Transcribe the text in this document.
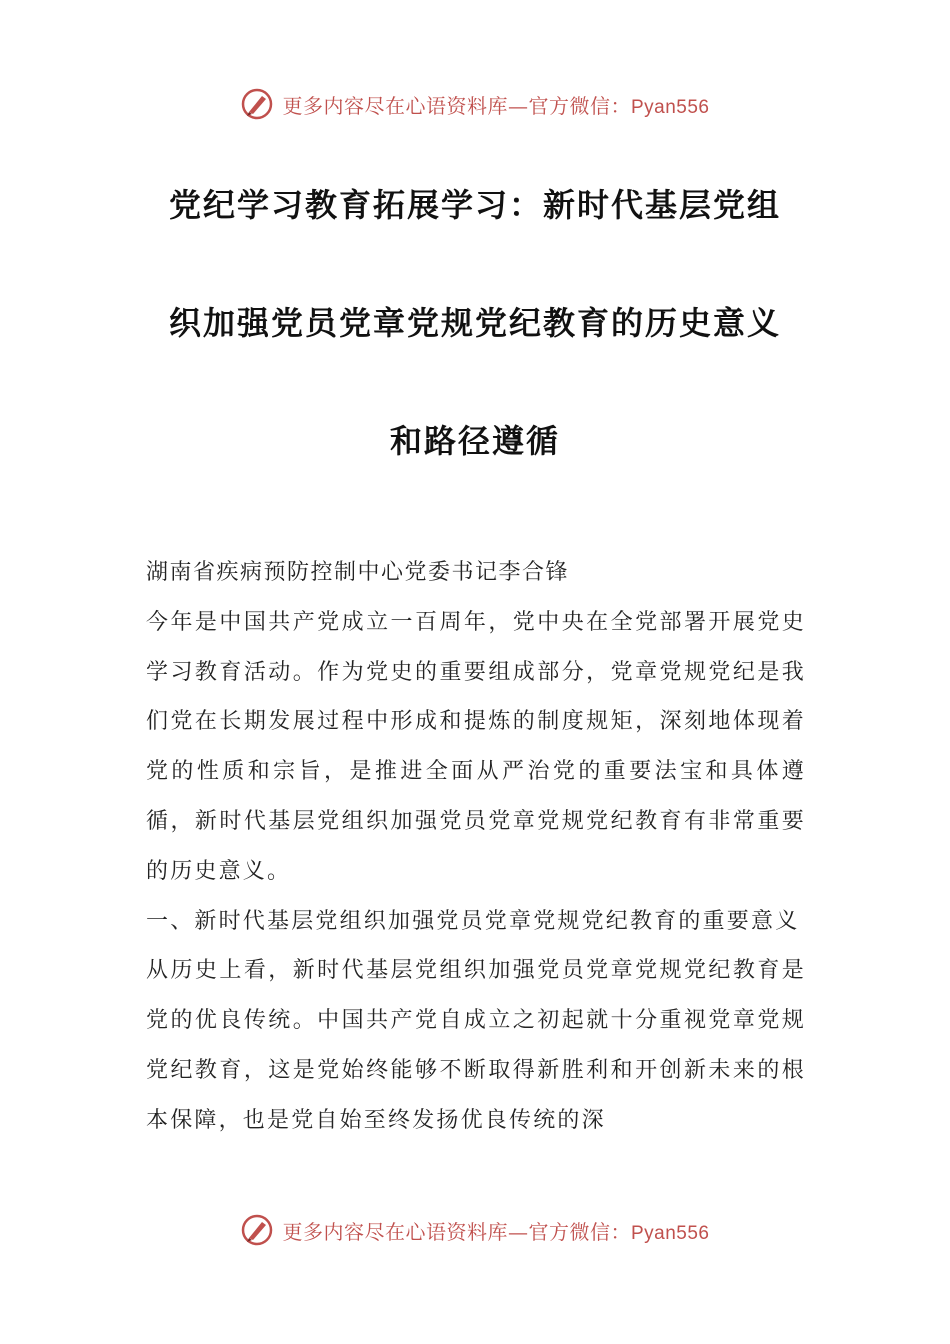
更多内容尽在心语资料库—官方微信：Pyan556
党纪学习教育拓展学习：新时代基层党组
织加强党员党章党规党纪教育的历史意义
和路径遵循

湖南省疾病预防控制中心党委书记李合锋

今年是中国共产党成立一百周年，党中央在全党部署开展党史学习教育活动。作为党史的重要组成部分，党章党规党纪是我们党在长期发展过程中形成和提炼的制度规矩，深刻地体现着党的性质和宗旨，是推进全面从严治党的重要法宝和具体遵循，新时代基层党组织加强党员党章党规党纪教育有非常重要的历史意义。

一、新时代基层党组织加强党员党章党规党纪教育的重要意义

从历史上看，新时代基层党组织加强党员党章党规党纪教育是党的优良传统。中国共产党自成立之初起就十分重视党章党规党纪教育，这是党始终能够不断取得新胜利和开创新未来的根本保障，也是党自始至终发扬优良传统的深

更多内容尽在心语资料库—官方微信：Pyan556
